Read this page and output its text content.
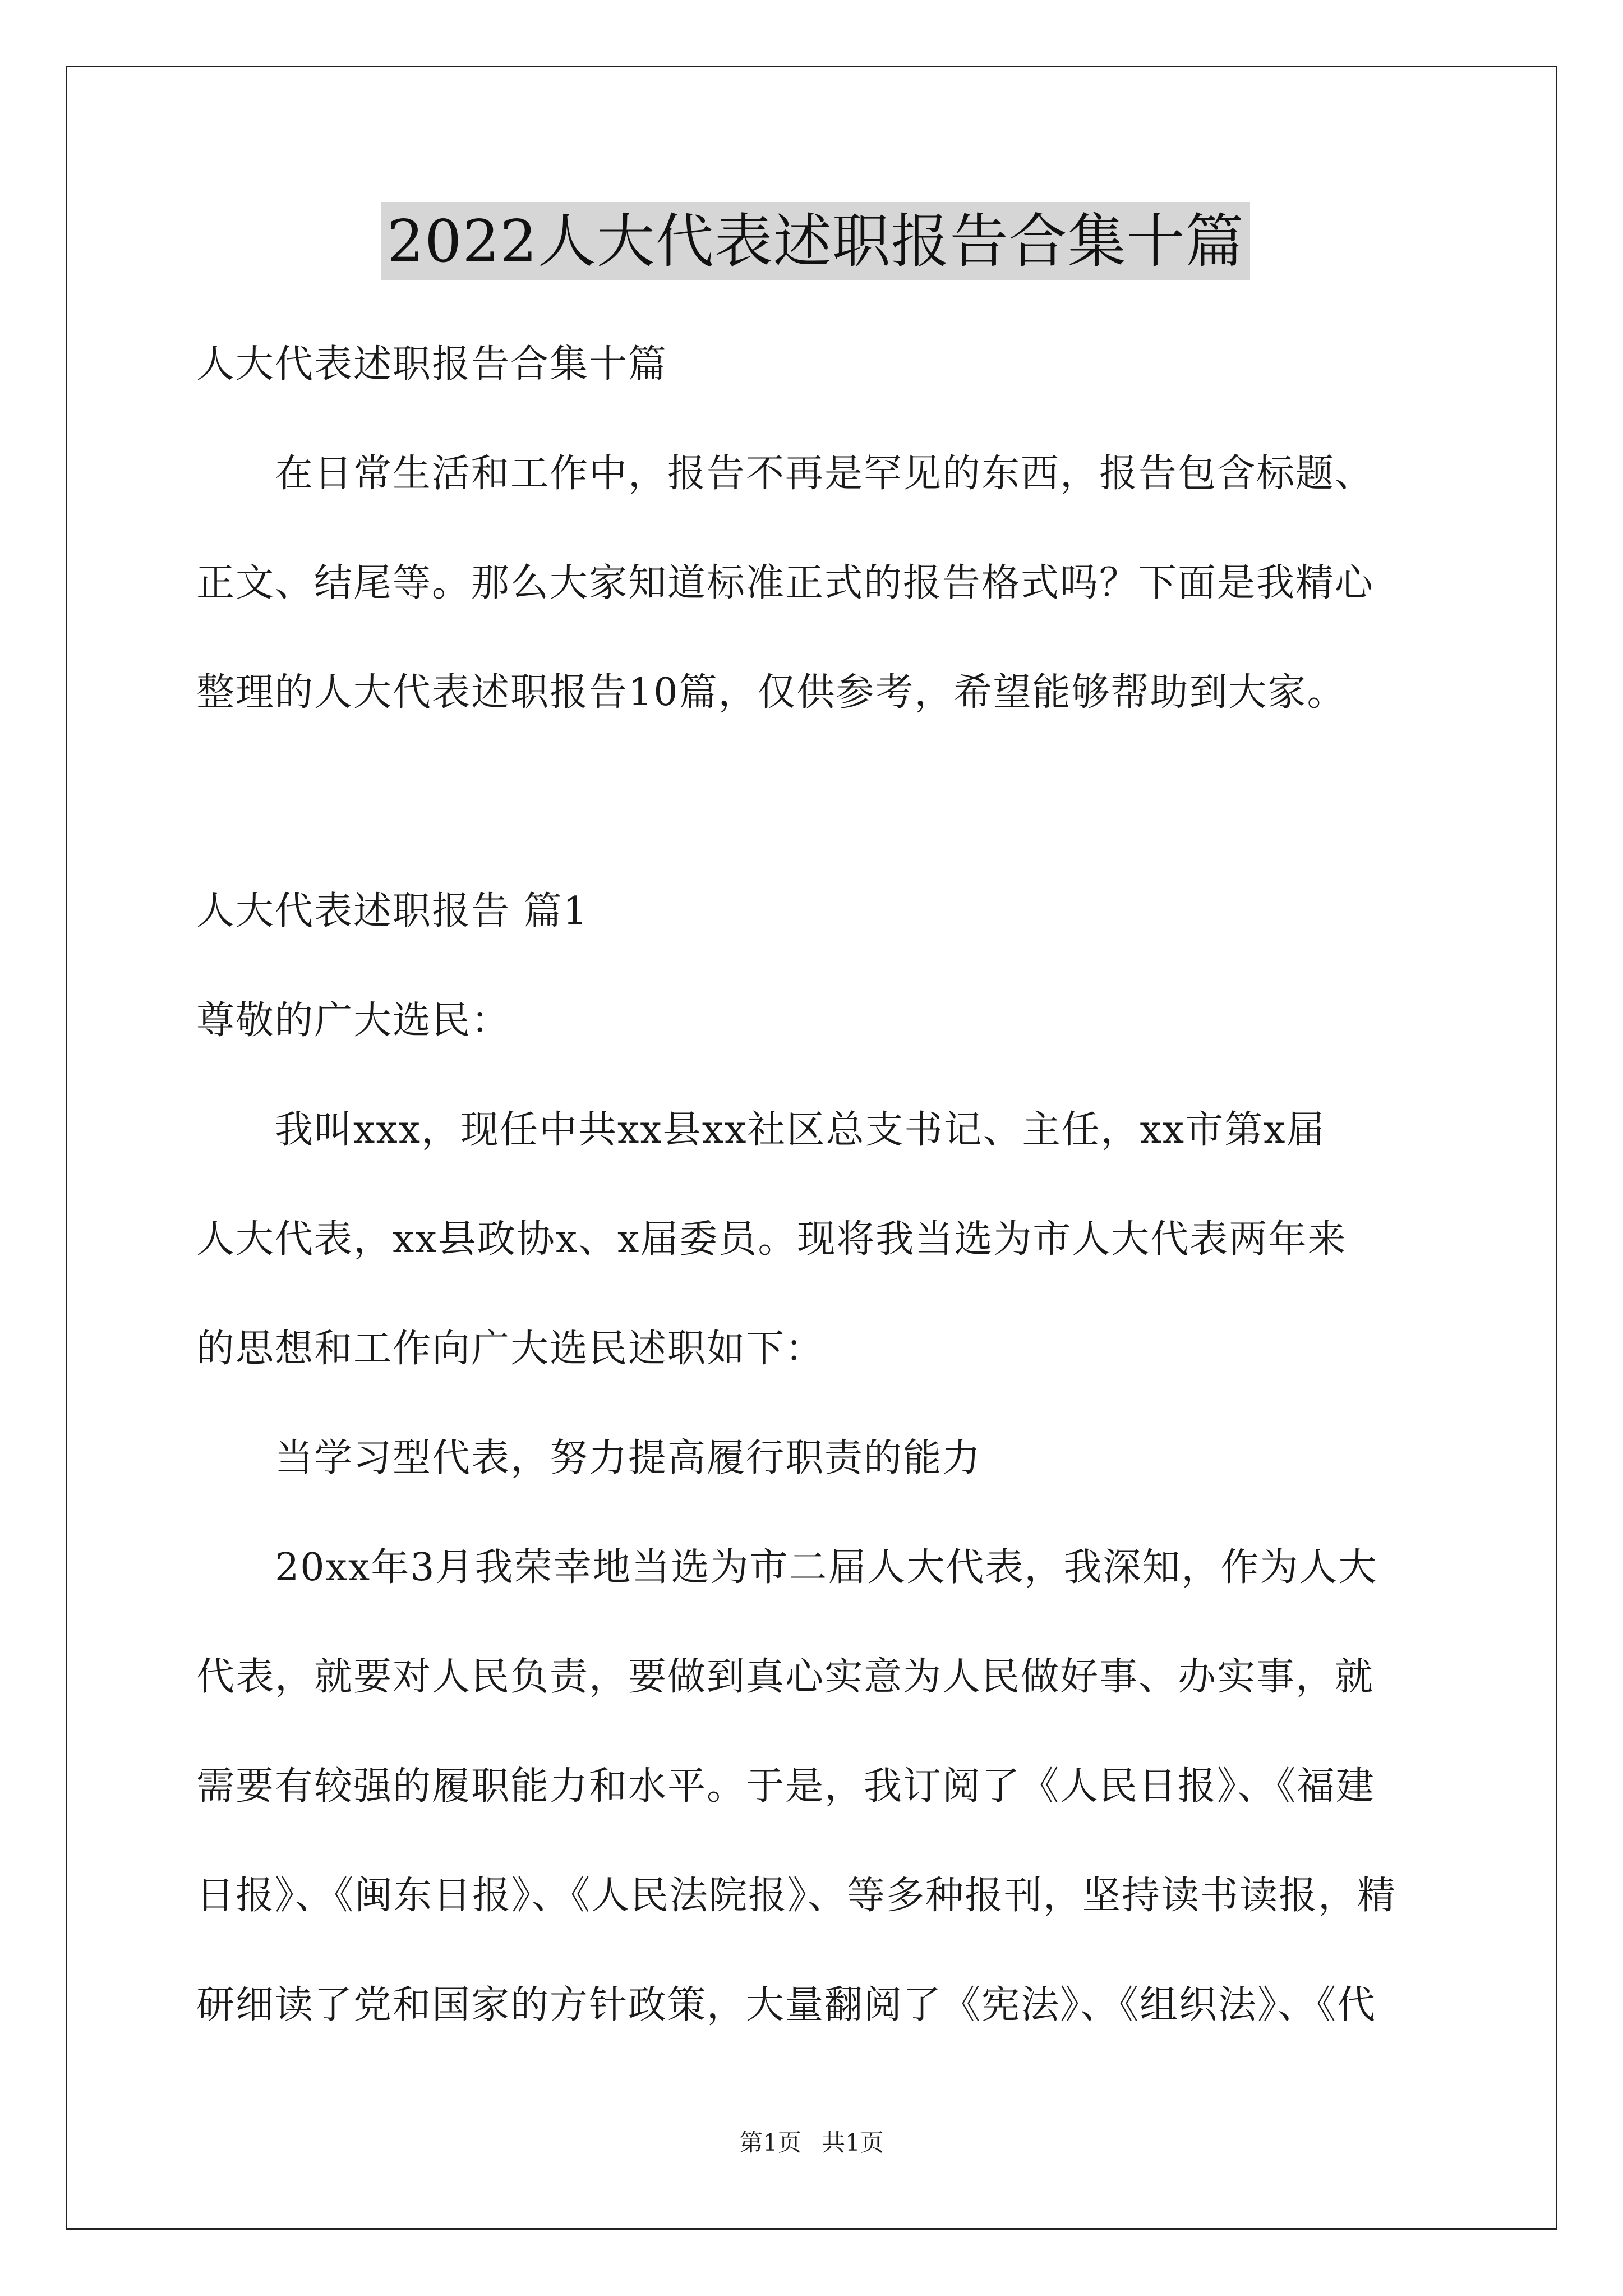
2022人大代表述职报告合集十篇
人大代表述职报告合集十篇
在日常生活和工作中，报告不再是罕见的东西，报告包含标题、
正文、结尾等。那么大家知道标准正式的报告格式吗？下面是我精心
整理的人大代表述职报告10篇，仅供参考，希望能够帮助到大家。
人大代表述职报告 篇1
尊敬的广大选民：
我叫xxx，现任中共xx县xx社区总支书记、主任，xx市第x届
人大代表，xx县政协x、x届委员。现将我当选为市人大代表两年来
的思想和工作向广大选民述职如下：
当学习型代表，努力提高履行职责的能力
20xx年3月我荣幸地当选为市二届人大代表，我深知，作为人大
代表，就要对人民负责，要做到真心实意为人民做好事、办实事，就
需要有较强的履职能力和水平。于是，我订阅了《人民日报》、《福建
日报》、《闽东日报》、《人民法院报》、等多种报刊，坚持读书读报，精
研细读了党和国家的方针政策，大量翻阅了《宪法》、《组织法》、《代
第1页 共1页
